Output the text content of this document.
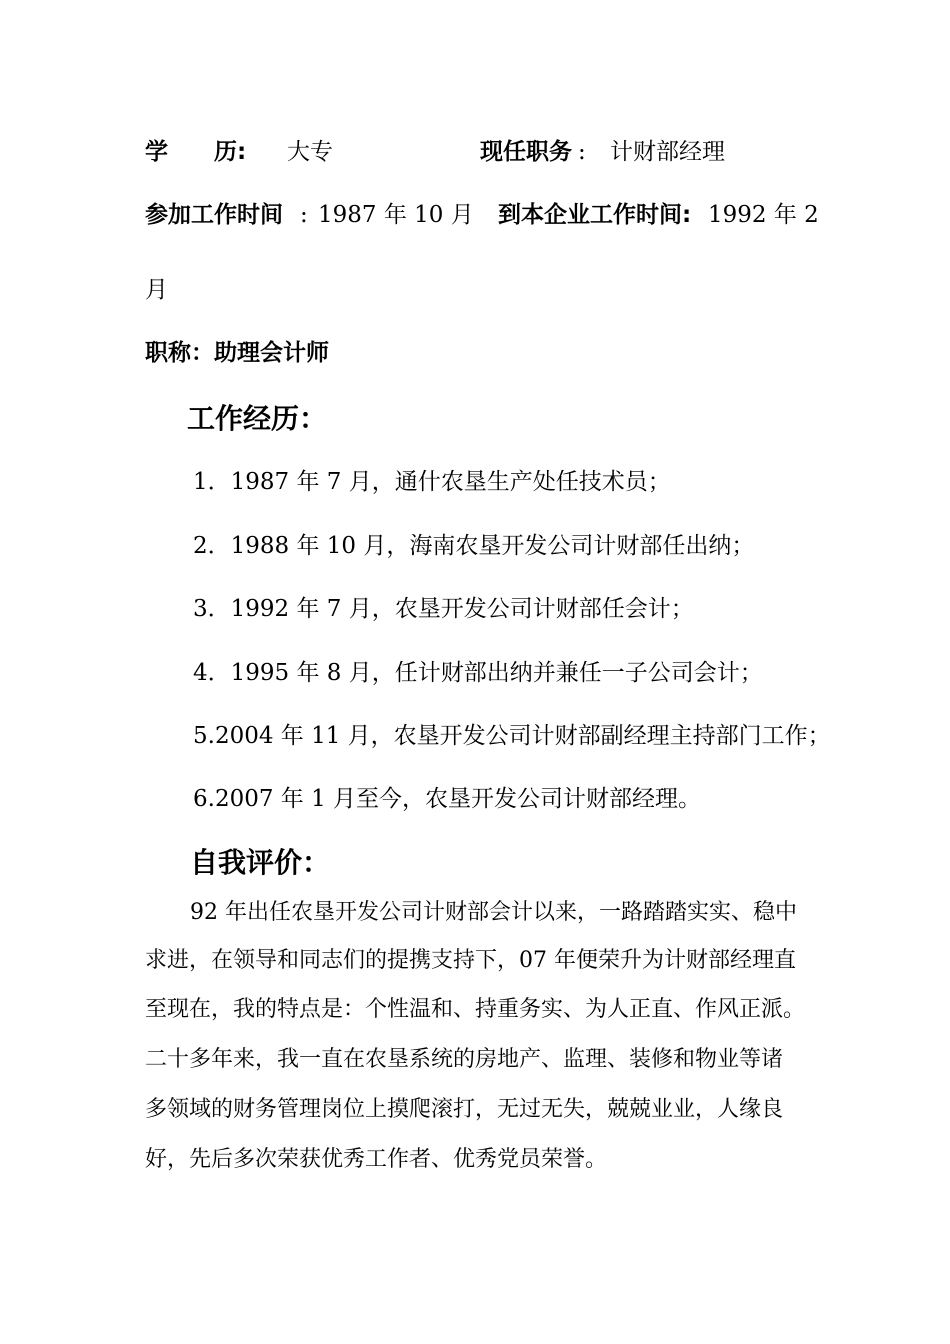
学　　历: 大专	现任职务 : 计财部经理
参加工作时间 : 1987 年 10 月 到本企业工作时间: 1992 年 2
月
职称：助理会计师
工作经历：
1．1987 年 7 月，通什农垦生产处任技术员；
2．1988 年 10 月，海南农垦开发公司计财部任出纳；
3．1992 年 7 月，农垦开发公司计财部任会计；
4．1995 年 8 月，任计财部出纳并兼任一子公司会计；
5.2004 年 11 月，农垦开发公司计财部副经理主持部门工作；
6.2007 年 1 月至今，农垦开发公司计财部经理。
自我评价：
92 年出任农垦开发公司计财部会计以来，一路踏踏实实、稳中
求进，在领导和同志们的提携支持下，07 年便荣升为计财部经理直
至现在，我的特点是：个性温和、持重务实、为人正直、作风正派。
二十多年来，我一直在农垦系统的房地产、监理、装修和物业等诸
多领域的财务管理岗位上摸爬滚打，无过无失，兢兢业业，人缘良
好，先后多次荣获优秀工作者、优秀党员荣誉。
